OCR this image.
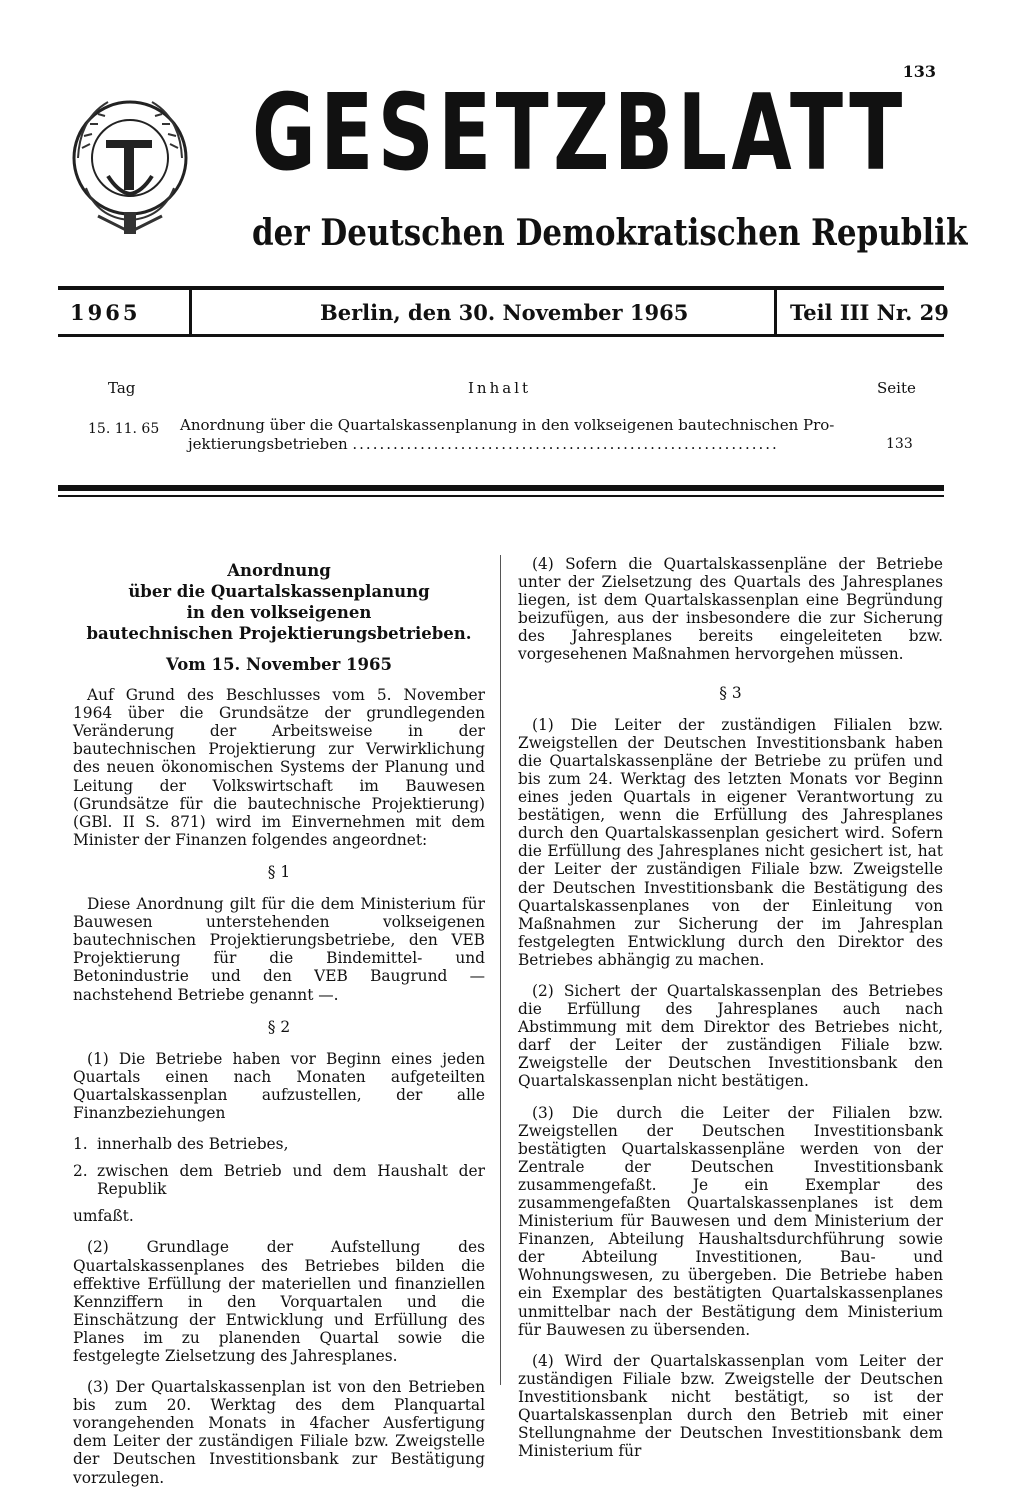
133
GESETZBLATT
der Deutschen Demokratischen Republik
1965	Berlin, den 30. November 1965	Teil III Nr. 29
Tag	Inhalt	Seite
15. 11. 65 Anordnung über die Quartalskassenplanung in den volkseigenen bautechnischen Pro-
jektierungsbetrieben ...............................................................	133
Anordnung
über die Quartalskassenplanung
in den volkseigenen
bautechnischen Projektierungsbetrieben.
Vom 15. November 1965

Auf Grund des Beschlusses vom 5. November 1964 über die Grundsätze der grundlegenden Veränderung der Arbeitsweise in der bautechnischen Projektierung zur Verwirklichung des neuen ökonomischen Systems der Planung und Leitung der Volkswirtschaft im Bauwesen (Grundsätze für die bautechnische Projektierung) (GBl. II S. 871) wird im Einvernehmen mit dem Minister der Finanzen folgendes angeordnet:

§ 1

Diese Anordnung gilt für die dem Ministerium für Bauwesen unterstehenden volkseigenen bautechnischen Projektierungsbetriebe, den VEB Projektierung für die Bindemittel- und Betonindustrie und den VEB Baugrund — nachstehend Betriebe genannt —.

§ 2

(1) Die Betriebe haben vor Beginn eines jeden Quartals einen nach Monaten aufgeteilten Quartalskassenplan aufzustellen, der alle Finanzbeziehungen

1. innerhalb des Betriebes,

2. zwischen dem Betrieb und dem Haushalt der Republik

umfaßt.

(2) Grundlage der Aufstellung des Quartalskassenplanes des Betriebes bilden die effektive Erfüllung der materiellen und finanziellen Kennziffern in den Vorquartalen und die Einschätzung der Entwicklung und Erfüllung des Planes im zu planenden Quartal sowie die festgelegte Zielsetzung des Jahresplanes.

(3) Der Quartalskassenplan ist von den Betrieben bis zum 20. Werktag des dem Planquartal vorangehenden Monats in 4facher Ausfertigung dem Leiter der zuständigen Filiale bzw. Zweigstelle der Deutschen Investitionsbank zur Bestätigung vorzulegen.

(4) Sofern die Quartalskassenpläne der Betriebe unter der Zielsetzung des Quartals des Jahresplanes liegen, ist dem Quartalskassenplan eine Begründung beizufügen, aus der insbesondere die zur Sicherung des Jahresplanes bereits eingeleiteten bzw. vorgesehenen Maßnahmen hervorgehen müssen.

§ 3

(1) Die Leiter der zuständigen Filialen bzw. Zweigstellen der Deutschen Investitionsbank haben die Quartalskassenpläne der Betriebe zu prüfen und bis zum 24. Werktag des letzten Monats vor Beginn eines jeden Quartals in eigener Verantwortung zu bestätigen, wenn die Erfüllung des Jahresplanes durch den Quartalskassenplan gesichert wird. Sofern die Erfüllung des Jahresplanes nicht gesichert ist, hat der Leiter der zuständigen Filiale bzw. Zweigstelle der Deutschen Investitionsbank die Bestätigung des Quartalskassenplanes von der Einleitung von Maßnahmen zur Sicherung der im Jahresplan festgelegten Entwicklung durch den Direktor des Betriebes abhängig zu machen.

(2) Sichert der Quartalskassenplan des Betriebes die Erfüllung des Jahresplanes auch nach Abstimmung mit dem Direktor des Betriebes nicht, darf der Leiter der zuständigen Filiale bzw. Zweigstelle der Deutschen Investitionsbank den Quartalskassenplan nicht bestätigen.

(3) Die durch die Leiter der Filialen bzw. Zweigstellen der Deutschen Investitionsbank bestätigten Quartalskassenpläne werden von der Zentrale der Deutschen Investitionsbank zusammengefaßt. Je ein Exemplar des zusammengefaßten Quartalskassenplanes ist dem Ministerium für Bauwesen und dem Ministerium der Finanzen, Abteilung Haushaltsdurchführung sowie der Abteilung Investitionen, Bau- und Wohnungswesen, zu übergeben. Die Betriebe haben ein Exemplar des bestätigten Quartalskassenplanes unmittelbar nach der Bestätigung dem Ministerium für Bauwesen zu übersenden.

(4) Wird der Quartalskassenplan vom Leiter der zuständigen Filiale bzw. Zweigstelle der Deutschen Investitionsbank nicht bestätigt, so ist der Quartalskassenplan durch den Betrieb mit einer Stellungnahme der Deutschen Investitionsbank dem Ministerium für
